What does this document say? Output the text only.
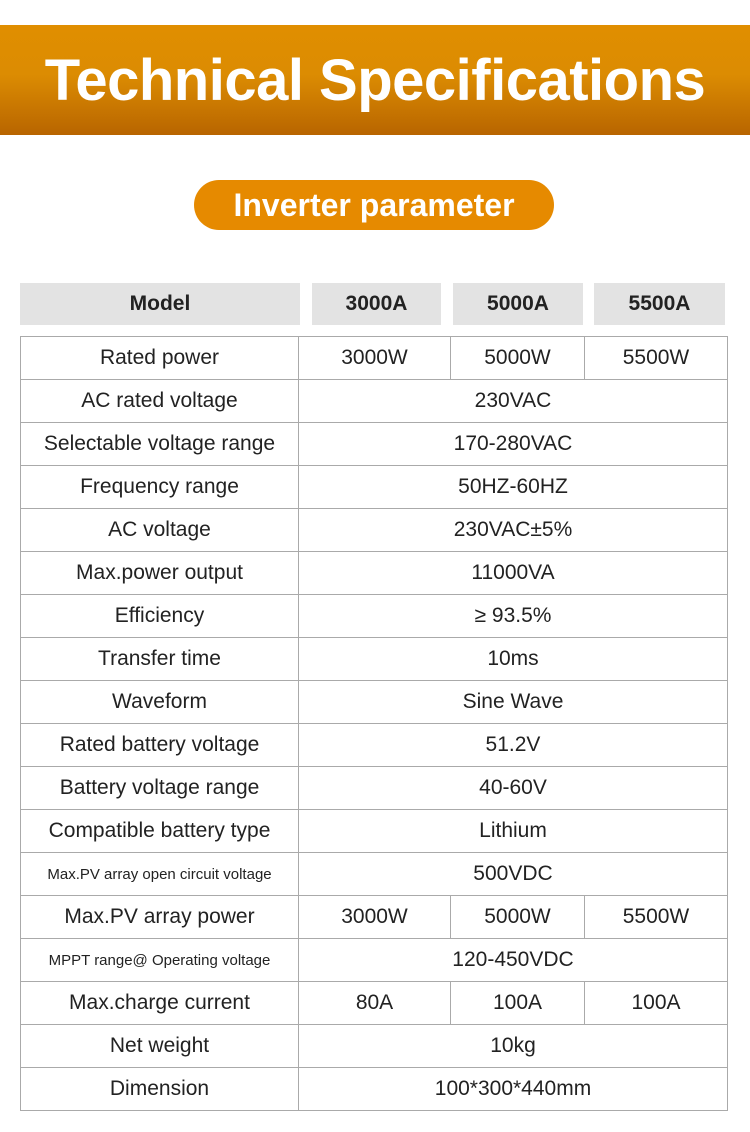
Technical Specifications
Inverter parameter
Model	3000A	5000A	5500A
Rated power	3000W	5000W	5500W
AC rated voltage	230VAC
Selectable voltage range	170-280VAC
Frequency range	50HZ-60HZ
AC voltage	230VAC±5%
Max.power output	11000VA
Efficiency	≥ 93.5%
Transfer time	10ms
Waveform	Sine Wave
Rated battery voltage	51.2V
Battery voltage range	40-60V
Compatible battery type	Lithium
Max.PV array open circuit voltage	500VDC
Max.PV array power	3000W	5000W	5500W
MPPT range@ Operating voltage	120-450VDC
Max.charge current	80A	100A	100A
Net weight	10kg
Dimension	100*300*440mm
